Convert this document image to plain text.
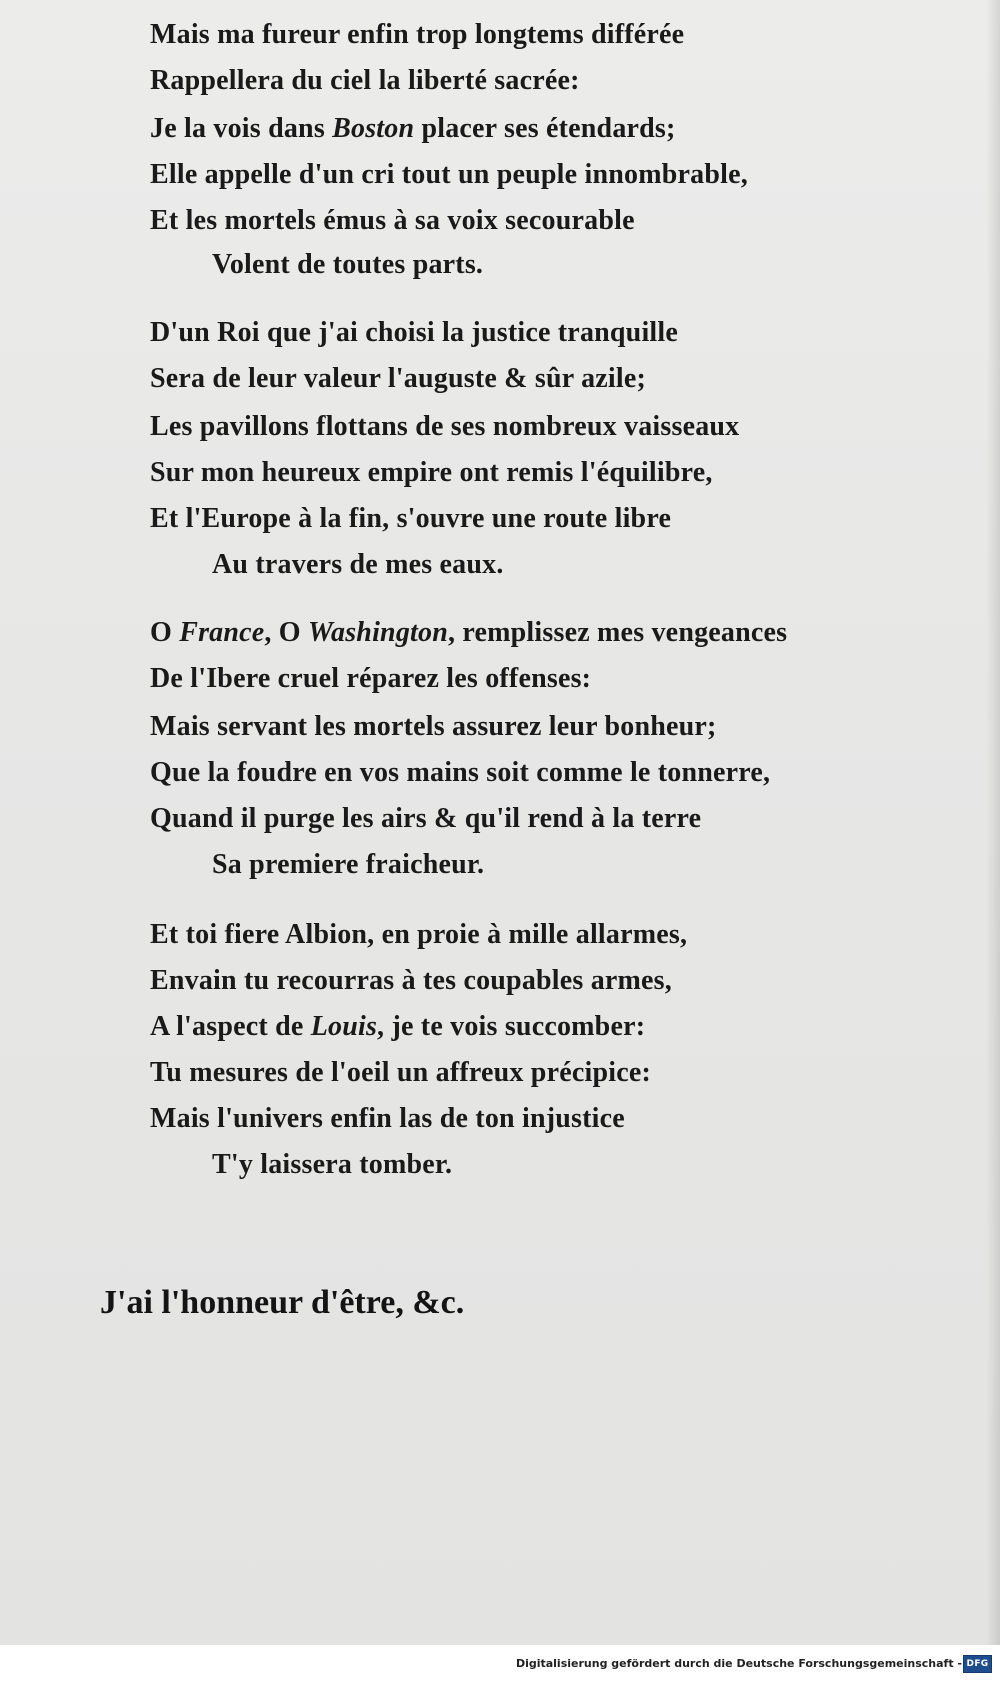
Mais ma fureur enfin trop longtems différée
Rappellera du ciel la liberté sacrée:
Je la vois dans Boston placer ses étendards;
Elle appelle d'un cri tout un peuple innombrable,
Et les mortels émus à sa voix secourable
Volent de toutes parts.
D'un Roi que j'ai choisi la justice tranquille
Sera de leur valeur l'auguste & sûr azile;
Les pavillons flottans de ses nombreux vaisseaux
Sur mon heureux empire ont remis l'équilibre,
Et l'Europe à la fin, s'ouvre une route libre
Au travers de mes eaux.
O France, O Washington, remplissez mes vengeances
De l'Ibere cruel réparez les offenses:
Mais servant les mortels assurez leur bonheur;
Que la foudre en vos mains soit comme le tonnerre,
Quand il purge les airs & qu'il rend à la terre
Sa premiere fraicheur.
Et toi fiere Albion, en proie à mille allarmes,
Envain tu recourras à tes coupables armes,
A l'aspect de Louis, je te vois succomber:
Tu mesures de l'oeil un affreux précipice:
Mais l'univers enfin las de ton injustice
T'y laissera tomber.
J'ai l'honneur d'être, &c.
Digitalisierung gefördert durch die Deutsche Forschungsgemeinschaft - DFG
